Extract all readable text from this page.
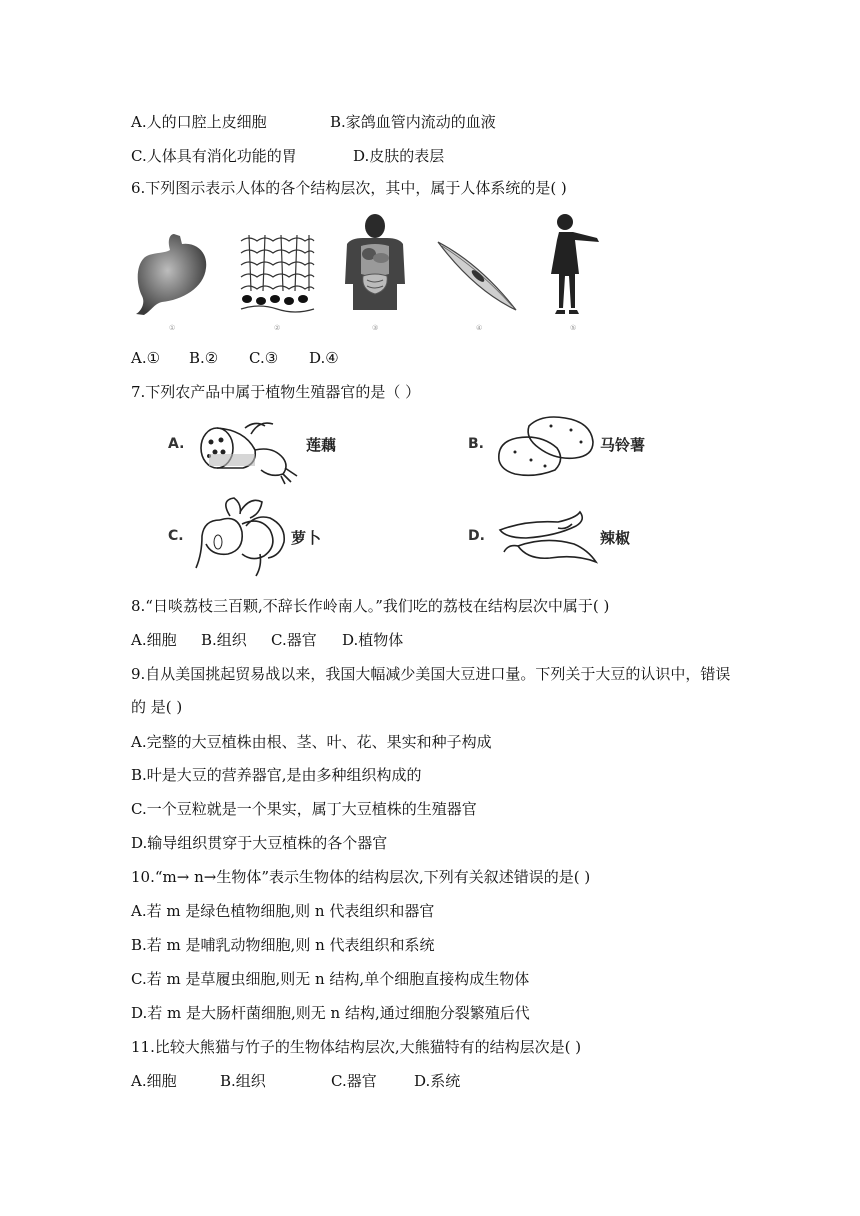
A.人的口腔上皮细胞	B.家鸽血管内流动的血液
C.人体具有消化功能的胃	D.皮肤的表层
6.下列图示表示人体的各个结构层次，其中，属于人体系统的是( )
①	②	③	④	⑤
A.① B.② C.③ D.④
7.下列农产品中属于植物生殖器官的是（ ）
A.	莲藕	B.	马铃薯
C.	萝卜	D.	辣椒
8.“日啖荔枝三百颗,不辞长作岭南人。”我们吃的荔枝在结构层次中属于( )
A.细胞 B.组织 C.器官 D.植物体
9.自从美国挑起贸易战以来，我国大幅减少美国大豆进口量。下列关于大豆的认识中，错误
的 是( )
A.完整的大豆植株由根、茎、叶、花、果实和种子构成
B.叶是大豆的营养器官,是由多种组织构成的
C.一个豆粒就是一个果实，属丁大豆植株的生殖器官
D.输导组织贯穿于大豆植株的各个器官
10.“m→ n→生物体”表示生物体的结构层次,下列有关叙述错误的是( )
A.若 m 是绿色植物细胞,则 n 代表组织和器官
B.若 m 是哺乳动物细胞,则 n 代表组织和系统
C.若 m 是草履虫细胞,则无 n 结构,单个细胞直接构成生物体
D.若 m 是大肠杆菌细胞,则无 n 结构,通过细胞分裂繁殖后代
11.比较大熊猫与竹子的生物体结构层次,大熊猫特有的结构层次是( )
A.细胞	B.组织	C.器官 D.系统
